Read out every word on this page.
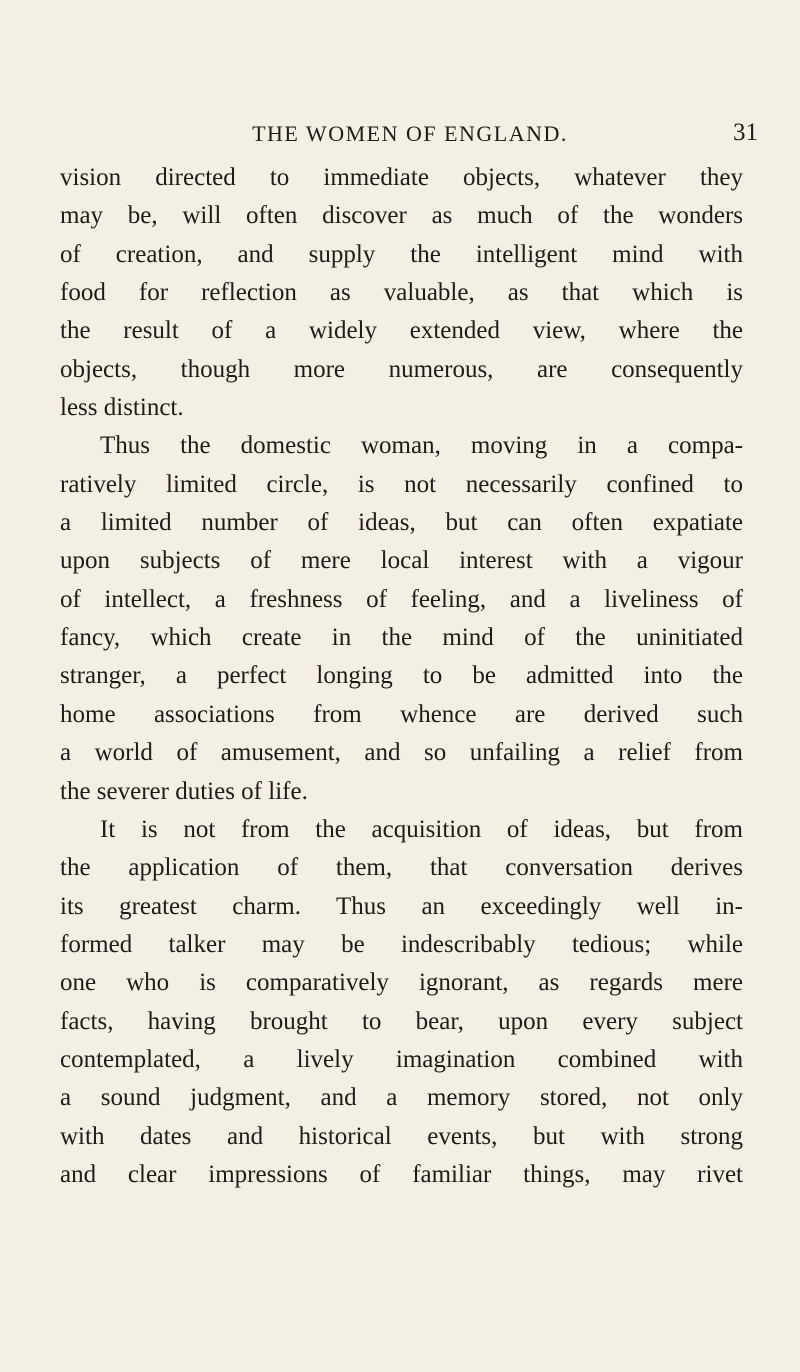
THE WOMEN OF ENGLAND.	31
vision directed to immediate objects, whatever they
may be, will often discover as much of the wonders
of creation, and supply the intelligent mind with
food for reflection as valuable, as that which is
the result of a widely extended view, where the
objects, though more numerous, are consequently
less distinct.
Thus the domestic woman, moving in a compa-
ratively limited circle, is not necessarily confined to
a limited number of ideas, but can often expatiate
upon subjects of mere local interest with a vigour
of intellect, a freshness of feeling, and a liveliness of
fancy, which create in the mind of the uninitiated
stranger, a perfect longing to be admitted into the
home associations from whence are derived such
a world of amusement, and so unfailing a relief from
the severer duties of life.
It is not from the acquisition of ideas, but from
the application of them, that conversation derives
its greatest charm. Thus an exceedingly well in-
formed talker may be indescribably tedious; while
one who is comparatively ignorant, as regards mere
facts, having brought to bear, upon every subject
contemplated, a lively imagination combined with
a sound judgment, and a memory stored, not only
with dates and historical events, but with strong
and clear impressions of familiar things, may rivet
